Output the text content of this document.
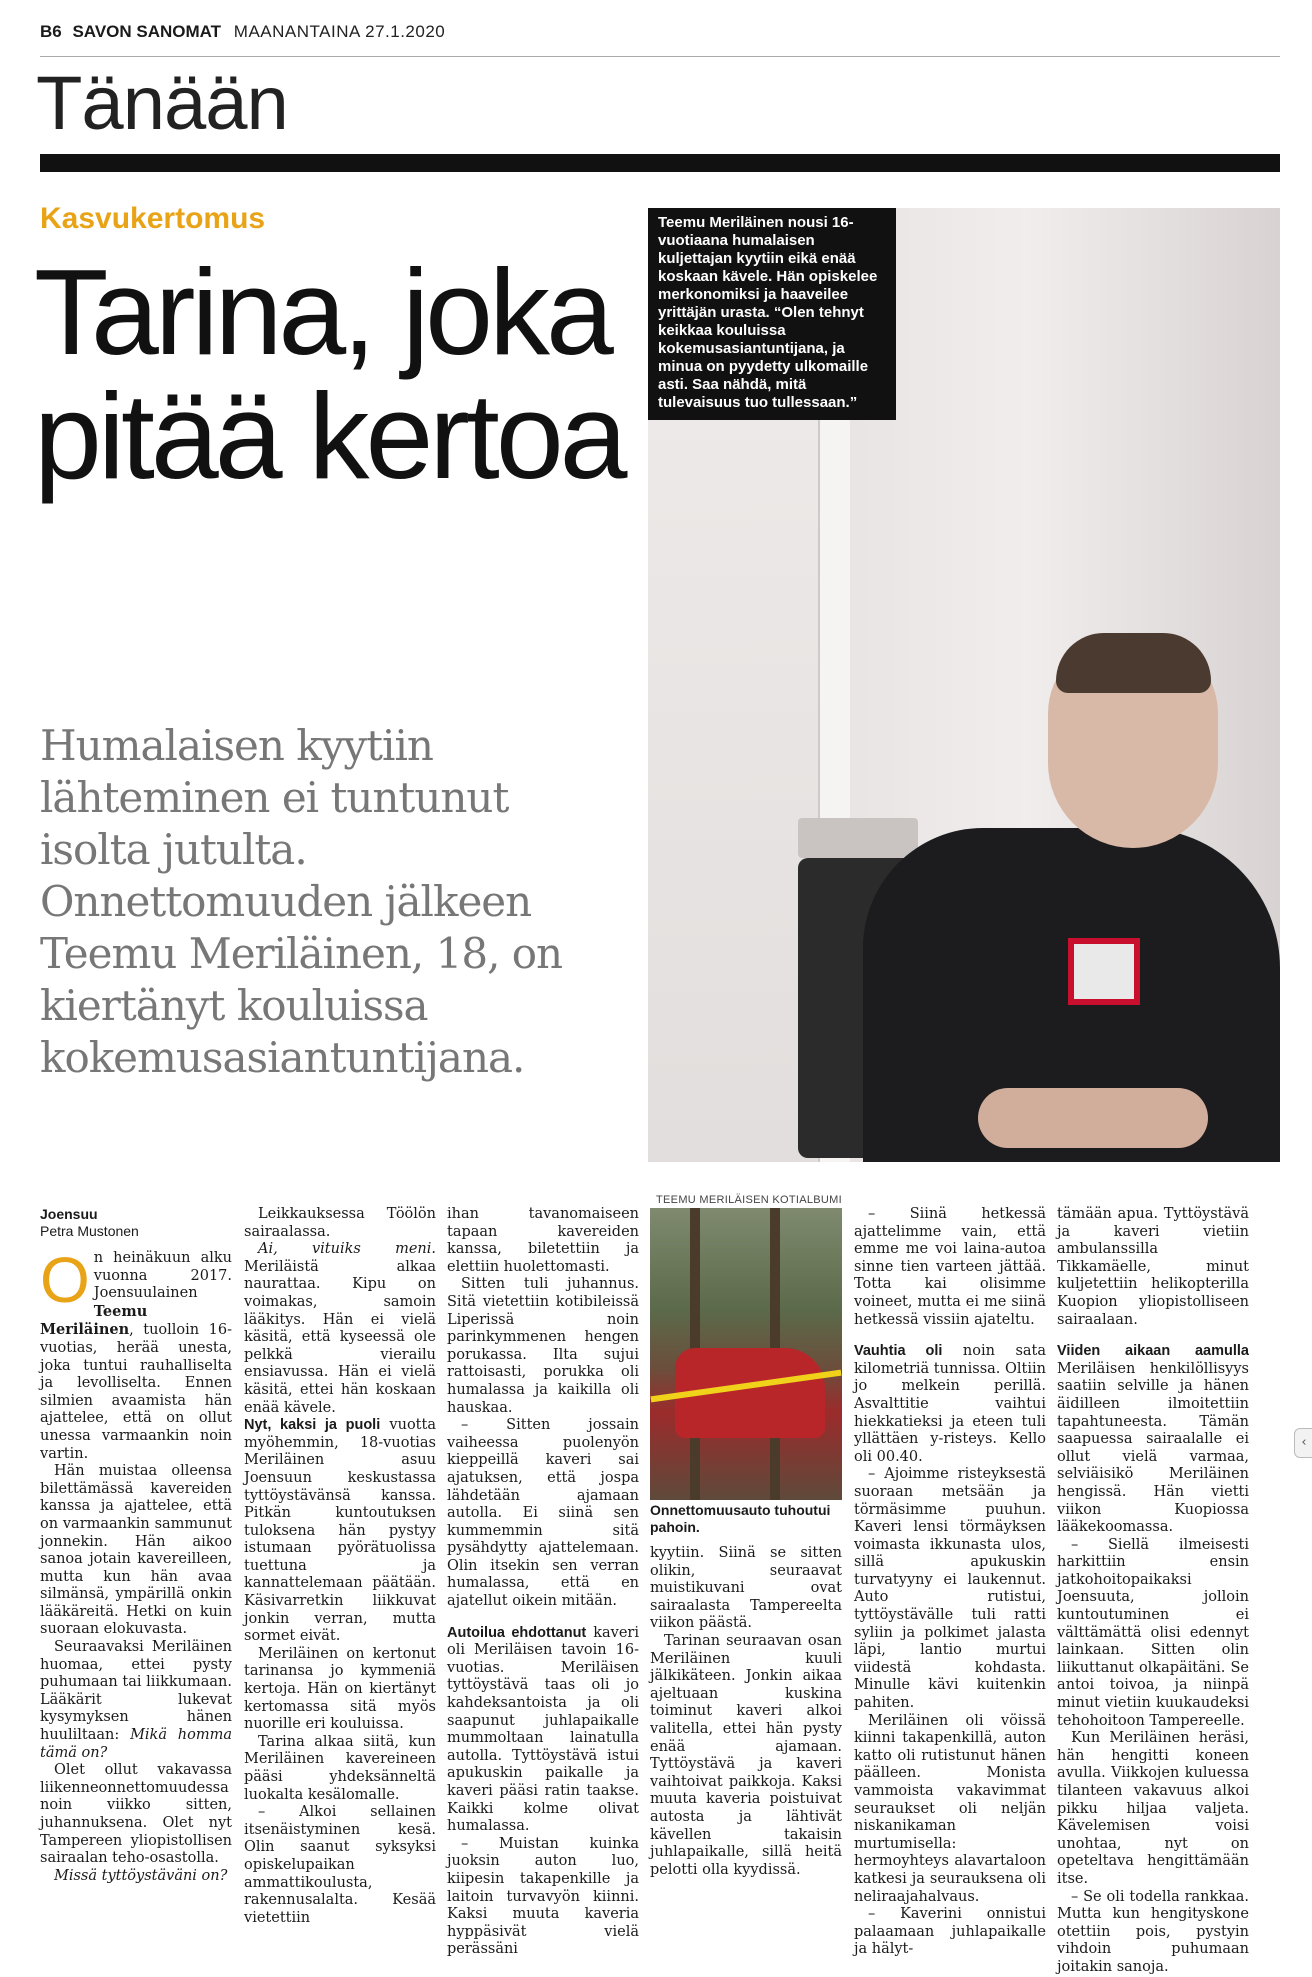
B6 SAVON SANOMAT MAANANTAINA 27.1.2020
Tänään
Kasvukertomus
Tarina, joka pitää kertoa
Humalaisen kyytiin lähteminen ei tuntunut isolta jutulta. Onnettomuuden jälkeen Teemu Meriläinen, 18, on kiertänyt kouluissa kokemusasiantuntijana.
Teemu Meriläinen nousi 16-vuotiaana humalaisen kuljettajan kyytiin eikä enää koskaan kävele. Hän opiskelee merkonomiksi ja haaveilee yrittäjän urasta. “Olen tehnyt keikkaa kouluissa kokemusasiantuntijana, ja minua on pyydetty ulkomaille asti. Saa nähdä, mitä tulevaisuus tuo tullessaan.”
Joensuu
Petra Mustonen

On heinäkuun alku vuonna 2017. Joensuulainen Teemu Meriläinen, tuolloin 16-vuotias, herää unesta, joka tuntui rauhalliselta ja levolliselta. Ennen silmien avaamista hän ajattelee, että on ollut unessa varmaankin noin vartin.

Hän muistaa olleensa bilettämässä kavereiden kanssa ja ajattelee, että on varmaankin sammunut jonnekin. Hän aikoo sanoa jotain kavereilleen, mutta kun hän avaa silmänsä, ympärillä onkin lääkäreitä. Hetki on kuin suoraan elokuvasta.

Seuraavaksi Meriläinen huomaa, ettei pysty puhumaan tai liikkumaan. Lääkärit lukevat kysymyksen hänen huuliltaan: Mikä homma tämä on?

Olet ollut vakavassa liikenneonnettomuudessa noin viikko sitten, juhannuksena. Olet nyt Tampereen yliopistollisen sairaalan teho-osastolla.

Missä tyttöystäväni on?

Leikkauksessa Töölön sairaalassa.

Ai, vituiks meni. Meriläistä alkaa naurattaa. Kipu on voimakas, samoin lääkitys. Hän ei vielä käsitä, että kyseessä ole pelkkä vierailu ensiavussa. Hän ei vielä käsitä, ettei hän koskaan enää kävele.

Nyt, kaksi ja puoli vuotta myöhemmin, 18-vuotias Meriläinen asuu Joensuun keskustassa tyttöystävänsä kanssa. Pitkän kuntoutuksen tuloksena hän pystyy istumaan pyörätuolissa tuettuna ja kannattelemaan päätään. Käsivarretkin liikkuvat jonkin verran, mutta sormet eivät.

Meriläinen on kertonut tarinansa jo kymmeniä kertoja. Hän on kiertänyt kertomassa sitä myös nuorille eri kouluissa.

Tarina alkaa siitä, kun Meriläinen kavereineen pääsi yhdeksänneltä luokalta kesälomalle.

– Alkoi sellainen itsenäistyminen kesä. Olin saanut syksyksi opiskelupaikan ammattikoulusta, rakennusalalta. Kesää vietettiin

ihan tavanomaiseen tapaan kavereiden kanssa, biletettiin ja elettiin huolettomasti.

Sitten tuli juhannus. Sitä vietettiin kotibileissä Liperissä noin parinkymmenen hengen porukassa. Ilta sujui rattoisasti, porukka oli humalassa ja kaikilla oli hauskaa.

– Sitten jossain vaiheessa puolenyön kieppeillä kaveri sai ajatuksen, että jospa lähdetään ajamaan autolla. Ei siinä sen kummemmin sitä pysähdytty ajattelemaan. Olin itsekin sen verran humalassa, että en ajatellut oikein mitään.

Autoilua ehdottanut kaveri oli Meriläisen tavoin 16-vuotias. Meriläisen tyttöystävä taas oli jo kahdeksantoista ja oli saapunut juhlapaikalle mummoltaan lainatulla autolla. Tyttöystävä istui apukuskin paikalle ja kaveri pääsi ratin taakse. Kaikki kolme olivat humalassa.

– Muistan kuinka juoksin auton luo, kiipesin takapenkille ja laitoin turvavyön kiinni. Kaksi muuta kaveria hyppäsivät vielä perässäni

TEEMU MERILÄISEN KOTIALBUMI
Onnettomuusauto tuhoutui pahoin.

kyytiin. Siinä se sitten olikin, seuraavat muistikuvani ovat sairaalasta Tampereelta viikon päästä.

Tarinan seuraavan osan Meriläinen kuuli jälkikäteen. Jonkin aikaa ajeltuaan kuskina toiminut kaveri alkoi valitella, ettei hän pysty enää ajamaan. Tyttöystävä ja kaveri vaihtoivat paikkoja. Kaksi muuta kaveria poistuivat autosta ja lähtivät kävellen takaisin juhlapaikalle, sillä heitä pelotti olla kyydissä.

– Siinä hetkessä ajattelimme vain, että emme me voi laina-autoa sinne tien varteen jättää. Totta kai olisimme voineet, mutta ei me siinä hetkessä vissiin ajateltu.

Vauhtia oli noin sata kilometriä tunnissa. Oltiin jo melkein perillä. Asvalttitie vaihtui hiekkatieksi ja eteen tuli yllättäen y-risteys. Kello oli 00.40.

– Ajoimme risteyksestä suoraan metsään ja törmäsimme puuhun. Kaveri lensi törmäyksen voimasta ikkunasta ulos, sillä apukuskin turvatyyny ei laukennut. Auto rutistui, tyttöystävälle tuli ratti syliin ja polkimet jalasta läpi, lantio murtui viidestä kohdasta. Minulle kävi kuitenkin pahiten.

Meriläinen oli vöissä kiinni takapenkillä, auton katto oli rutistunut hänen päälleen. Monista vammoista vakavimmat seuraukset oli neljän niskanikaman murtumisella: hermoyhteys alavartaloon katkesi ja seurauksena oli neliraajahalvaus.

– Kaverini onnistui palaamaan juhlapaikalle ja hälyt-

tämään apua. Tyttöystävä ja kaveri vietiin ambulanssilla Tikkamäelle, minut kuljetettiin helikopterilla Kuopion yliopistolliseen sairaalaan.

Viiden aikaan aamulla Meriläisen henkilöllisyys saatiin selville ja hänen äidilleen ilmoitettiin tapahtuneesta. Tämän saapuessa sairaalalle ei ollut vielä varmaa, selviäisikö Meriläinen hengissä. Hän vietti viikon Kuopiossa lääkekoomassa.

– Siellä ilmeisesti harkittiin ensin jatkohoitopaikaksi Joensuuta, jolloin kuntoutuminen ei välttämättä olisi edennyt lainkaan. Sitten olin liikuttanut olkapäitäni. Se antoi toivoa, ja niinpä minut vietiin kuukaudeksi tehohoitoon Tampereelle.

Kun Meriläinen heräsi, hän hengitti koneen avulla. Viikkojen kuluessa tilanteen vakavuus alkoi pikku hiljaa valjeta. Kävelemisen voisi unohtaa, nyt on opeteltava hengittämään itse.

– Se oli todella rankkaa. Mutta kun hengityskone otettiin pois, pystyin vihdoin puhumaan joitakin sanoja.

‹
